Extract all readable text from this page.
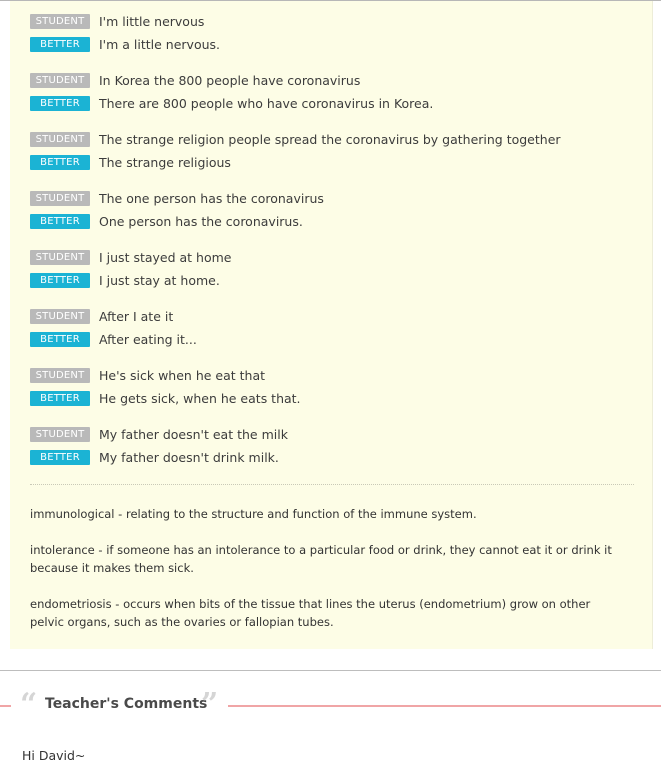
STUDENT	I'm little nervous
BETTER	I'm a little nervous.
STUDENT	In Korea the 800 people have coronavirus
BETTER	There are 800 people who have coronavirus in Korea.
STUDENT	The strange religion people spread the coronavirus by gathering together
BETTER	The strange religious
STUDENT	The one person has the coronavirus
BETTER	One person has the coronavirus.
STUDENT	I just stayed at home
BETTER	I just stay at home.
STUDENT	After I ate it
BETTER	After eating it...
STUDENT	He's sick when he eat that
BETTER	He gets sick, when he eats that.
STUDENT	My father doesn't eat the milk
BETTER	My father doesn't drink milk.

immunological - relating to the structure and function of the immune system.

intolerance - if someone has an intolerance to a particular food or drink, they cannot eat it or drink it because it makes them sick.

endometriosis - occurs when bits of the tissue that lines the uterus (endometrium) grow on other pelvic organs, such as the ovaries or fallopian tubes.

“ Teacher's Comments
”
Hi David~
